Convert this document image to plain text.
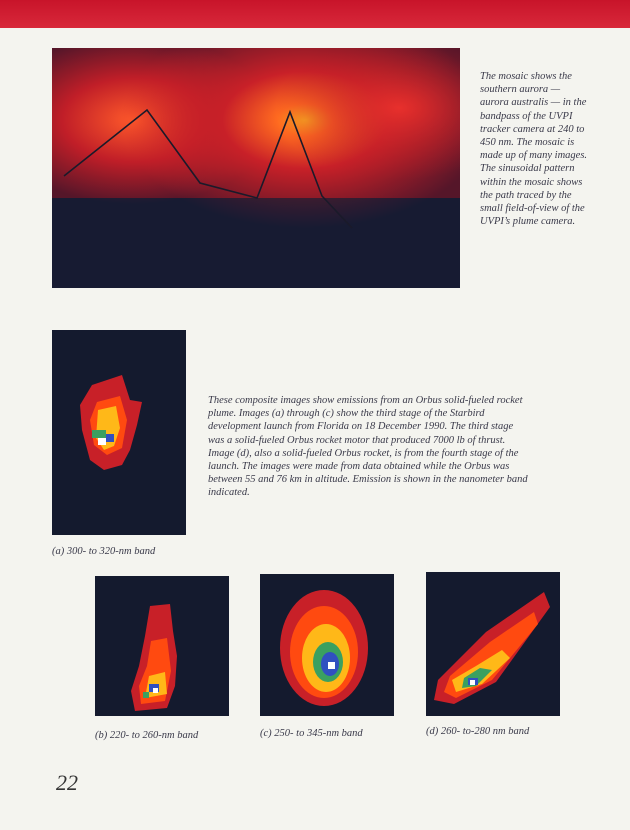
The mosaic shows the southern aurora — aurora australis — in the bandpass of the UVPI tracker camera at 240 to 450 nm. The mosaic is made up of many images. The sinusoidal pattern within the mosaic shows the path traced by the small field-of-view of the UVPI’s plume camera.
These composite images show emissions from an Orbus solid-fueled rocket plume. Images (a) through (c) show the third stage of the Starbird development launch from Florida on 18 December 1990. The third stage was a solid-fueled Orbus rocket motor that produced 7000 lb of thrust. Image (d), also a solid-fueled Orbus rocket, is from the fourth stage of the launch. The images were made from data obtained while the Orbus was between 55 and 76 km in altitude. Emission is shown in the nanometer band indicated.
(a) 300- to 320-nm band
(b) 220- to 260-nm band	(c) 250- to 345-nm band	(d) 260- to-280 nm band
22
